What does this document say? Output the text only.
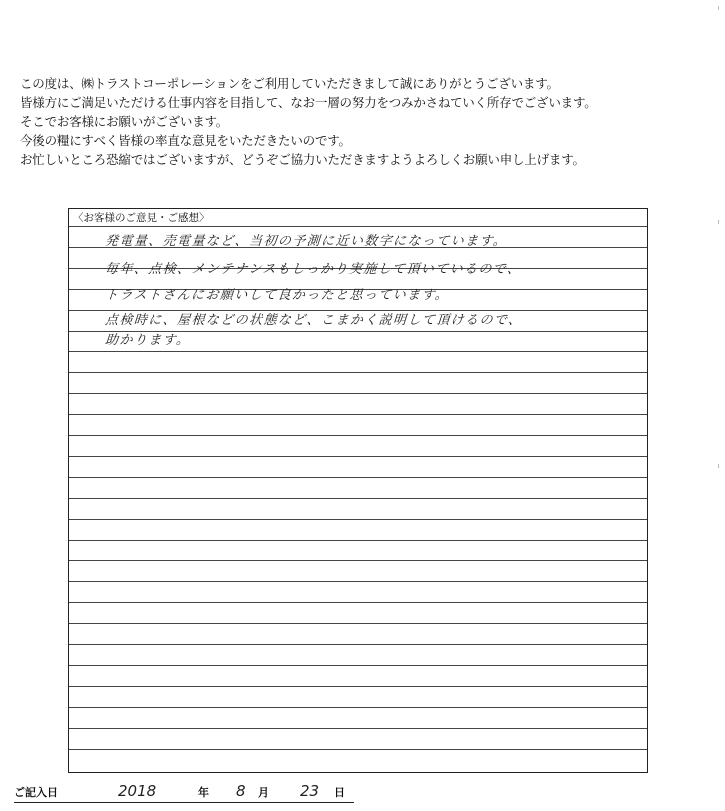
この度は、㈱トラストコーポレーションをご利用していただきまして誠にありがとうございます。
皆様方にご満足いただける仕事内容を目指して、なお一層の努力をつみかさねていく所存でございます。
そこでお客様にお願いがございます。
今後の糧にすべく皆様の率直な意見をいただきたいのです。
お忙しいところ恐縮ではございますが、どうぞご協力いただきますようよろしくお願い申し上げます。
〈お客様のご意見・ご感想〉
発電量、売電量など、当初の予測に近い数字になっています。
毎年、点検、メンテナンスもしっかり実施して頂いているので、
トラストさんにお願いして良かったと思っています。
点検時に、屋根などの状態など、こまかく説明して頂けるので、
助かります。
ご記入日	2018	年 8 月 23 日
